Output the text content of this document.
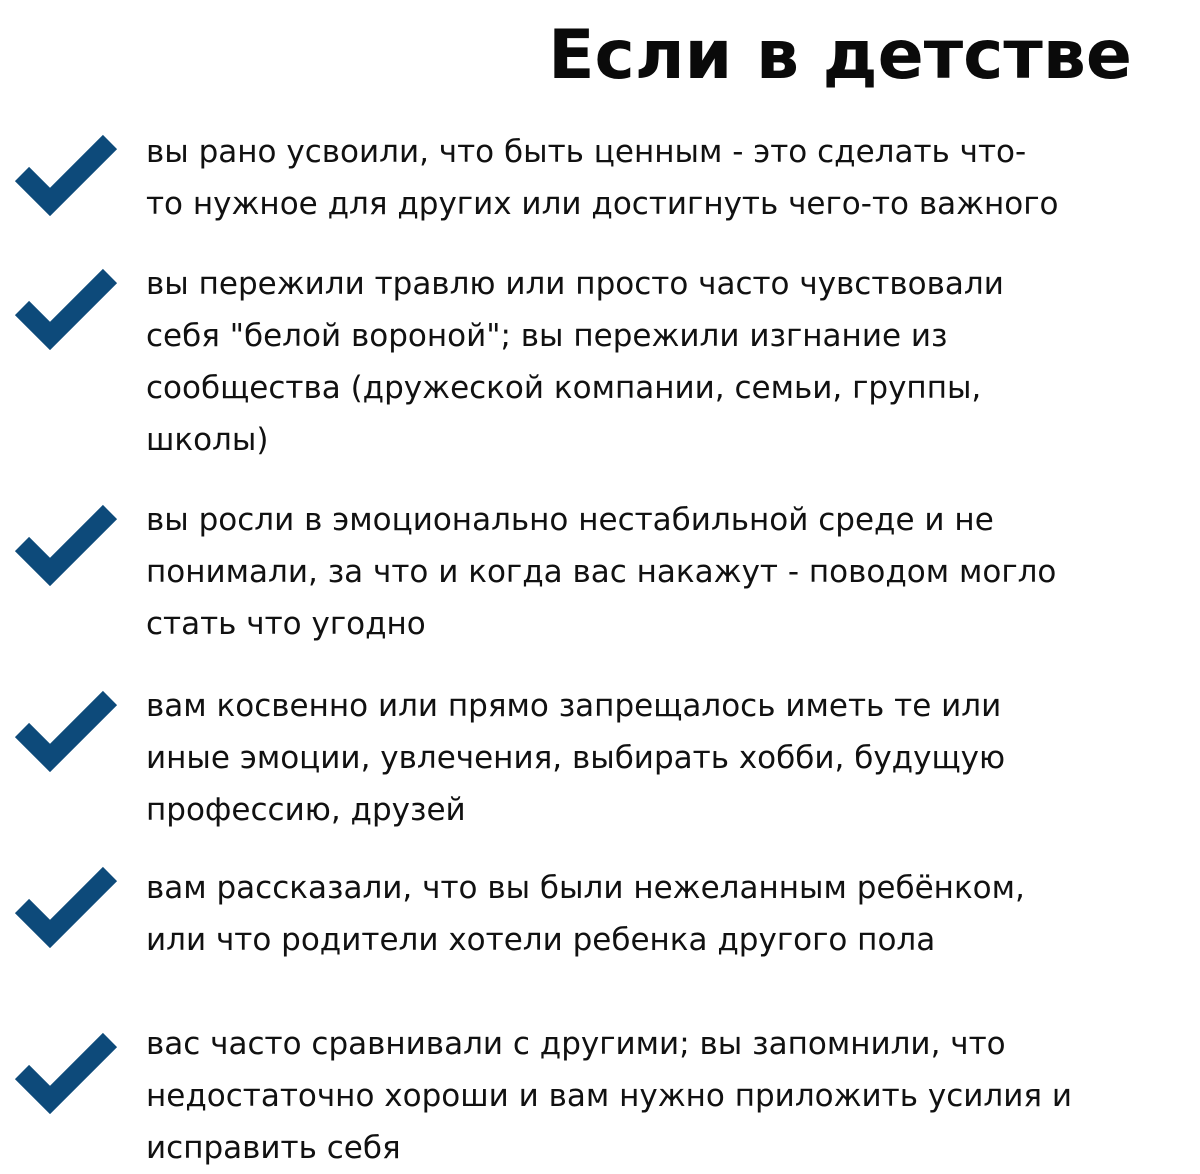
Если в детстве

вы рано усвоили, что быть ценным - это сделать что-
то нужное для других или достигнуть чего-то важного

вы пережили травлю или просто часто чувствовали
себя "белой вороной"; вы пережили изгнание из
сообщества (дружеской компании, семьи, группы,
школы)

вы росли в эмоционально нестабильной среде и не
понимали, за что и когда вас накажут - поводом могло
стать что угодно

вам косвенно или прямо запрещалось иметь те или
иные эмоции, увлечения, выбирать хобби, будущую
профессию, друзей

вам рассказали, что вы были нежеланным ребёнком,
или что родители хотели ребенка другого пола

вас часто сравнивали с другими; вы запомнили, что
недостаточно хороши и вам нужно приложить усилия и
исправить себя
